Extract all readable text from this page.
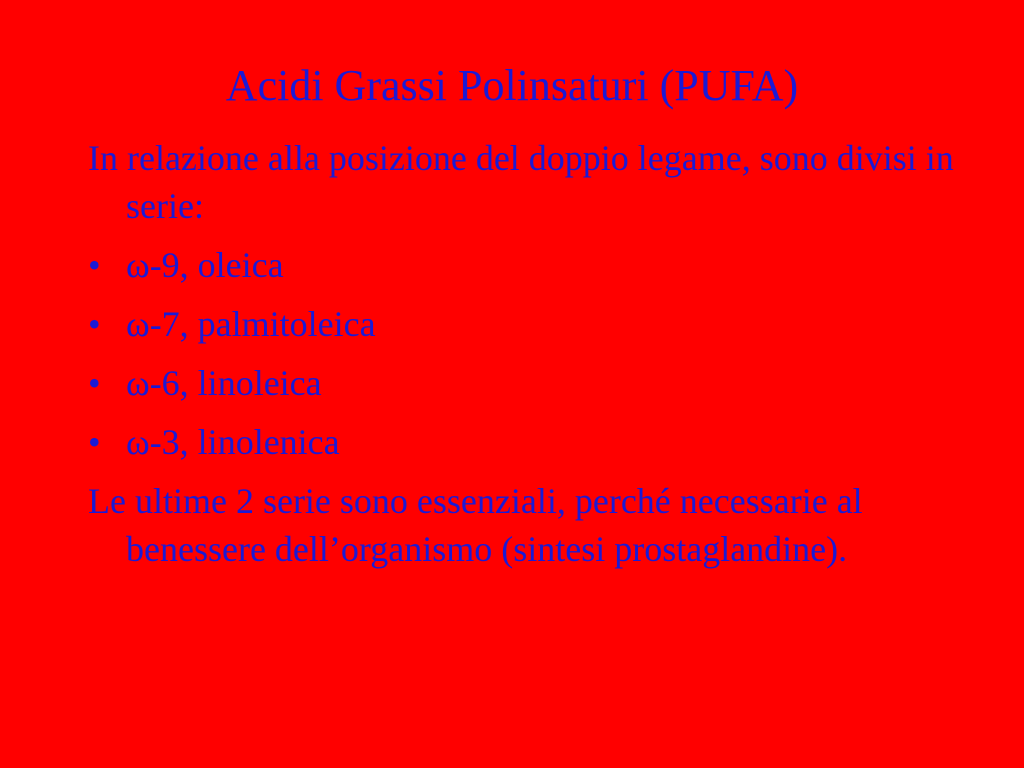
Acidi Grassi Polinsaturi (PUFA)

In relazione alla posizione del doppio legame, sono divisi in serie:

• ω-9, oleica
• ω-7, palmitoleica
• ω-6, linoleica
• ω-3, linolenica

Le ultime 2 serie sono essenziali, perché necessarie al benessere dell’organismo (sintesi prostaglandine).
